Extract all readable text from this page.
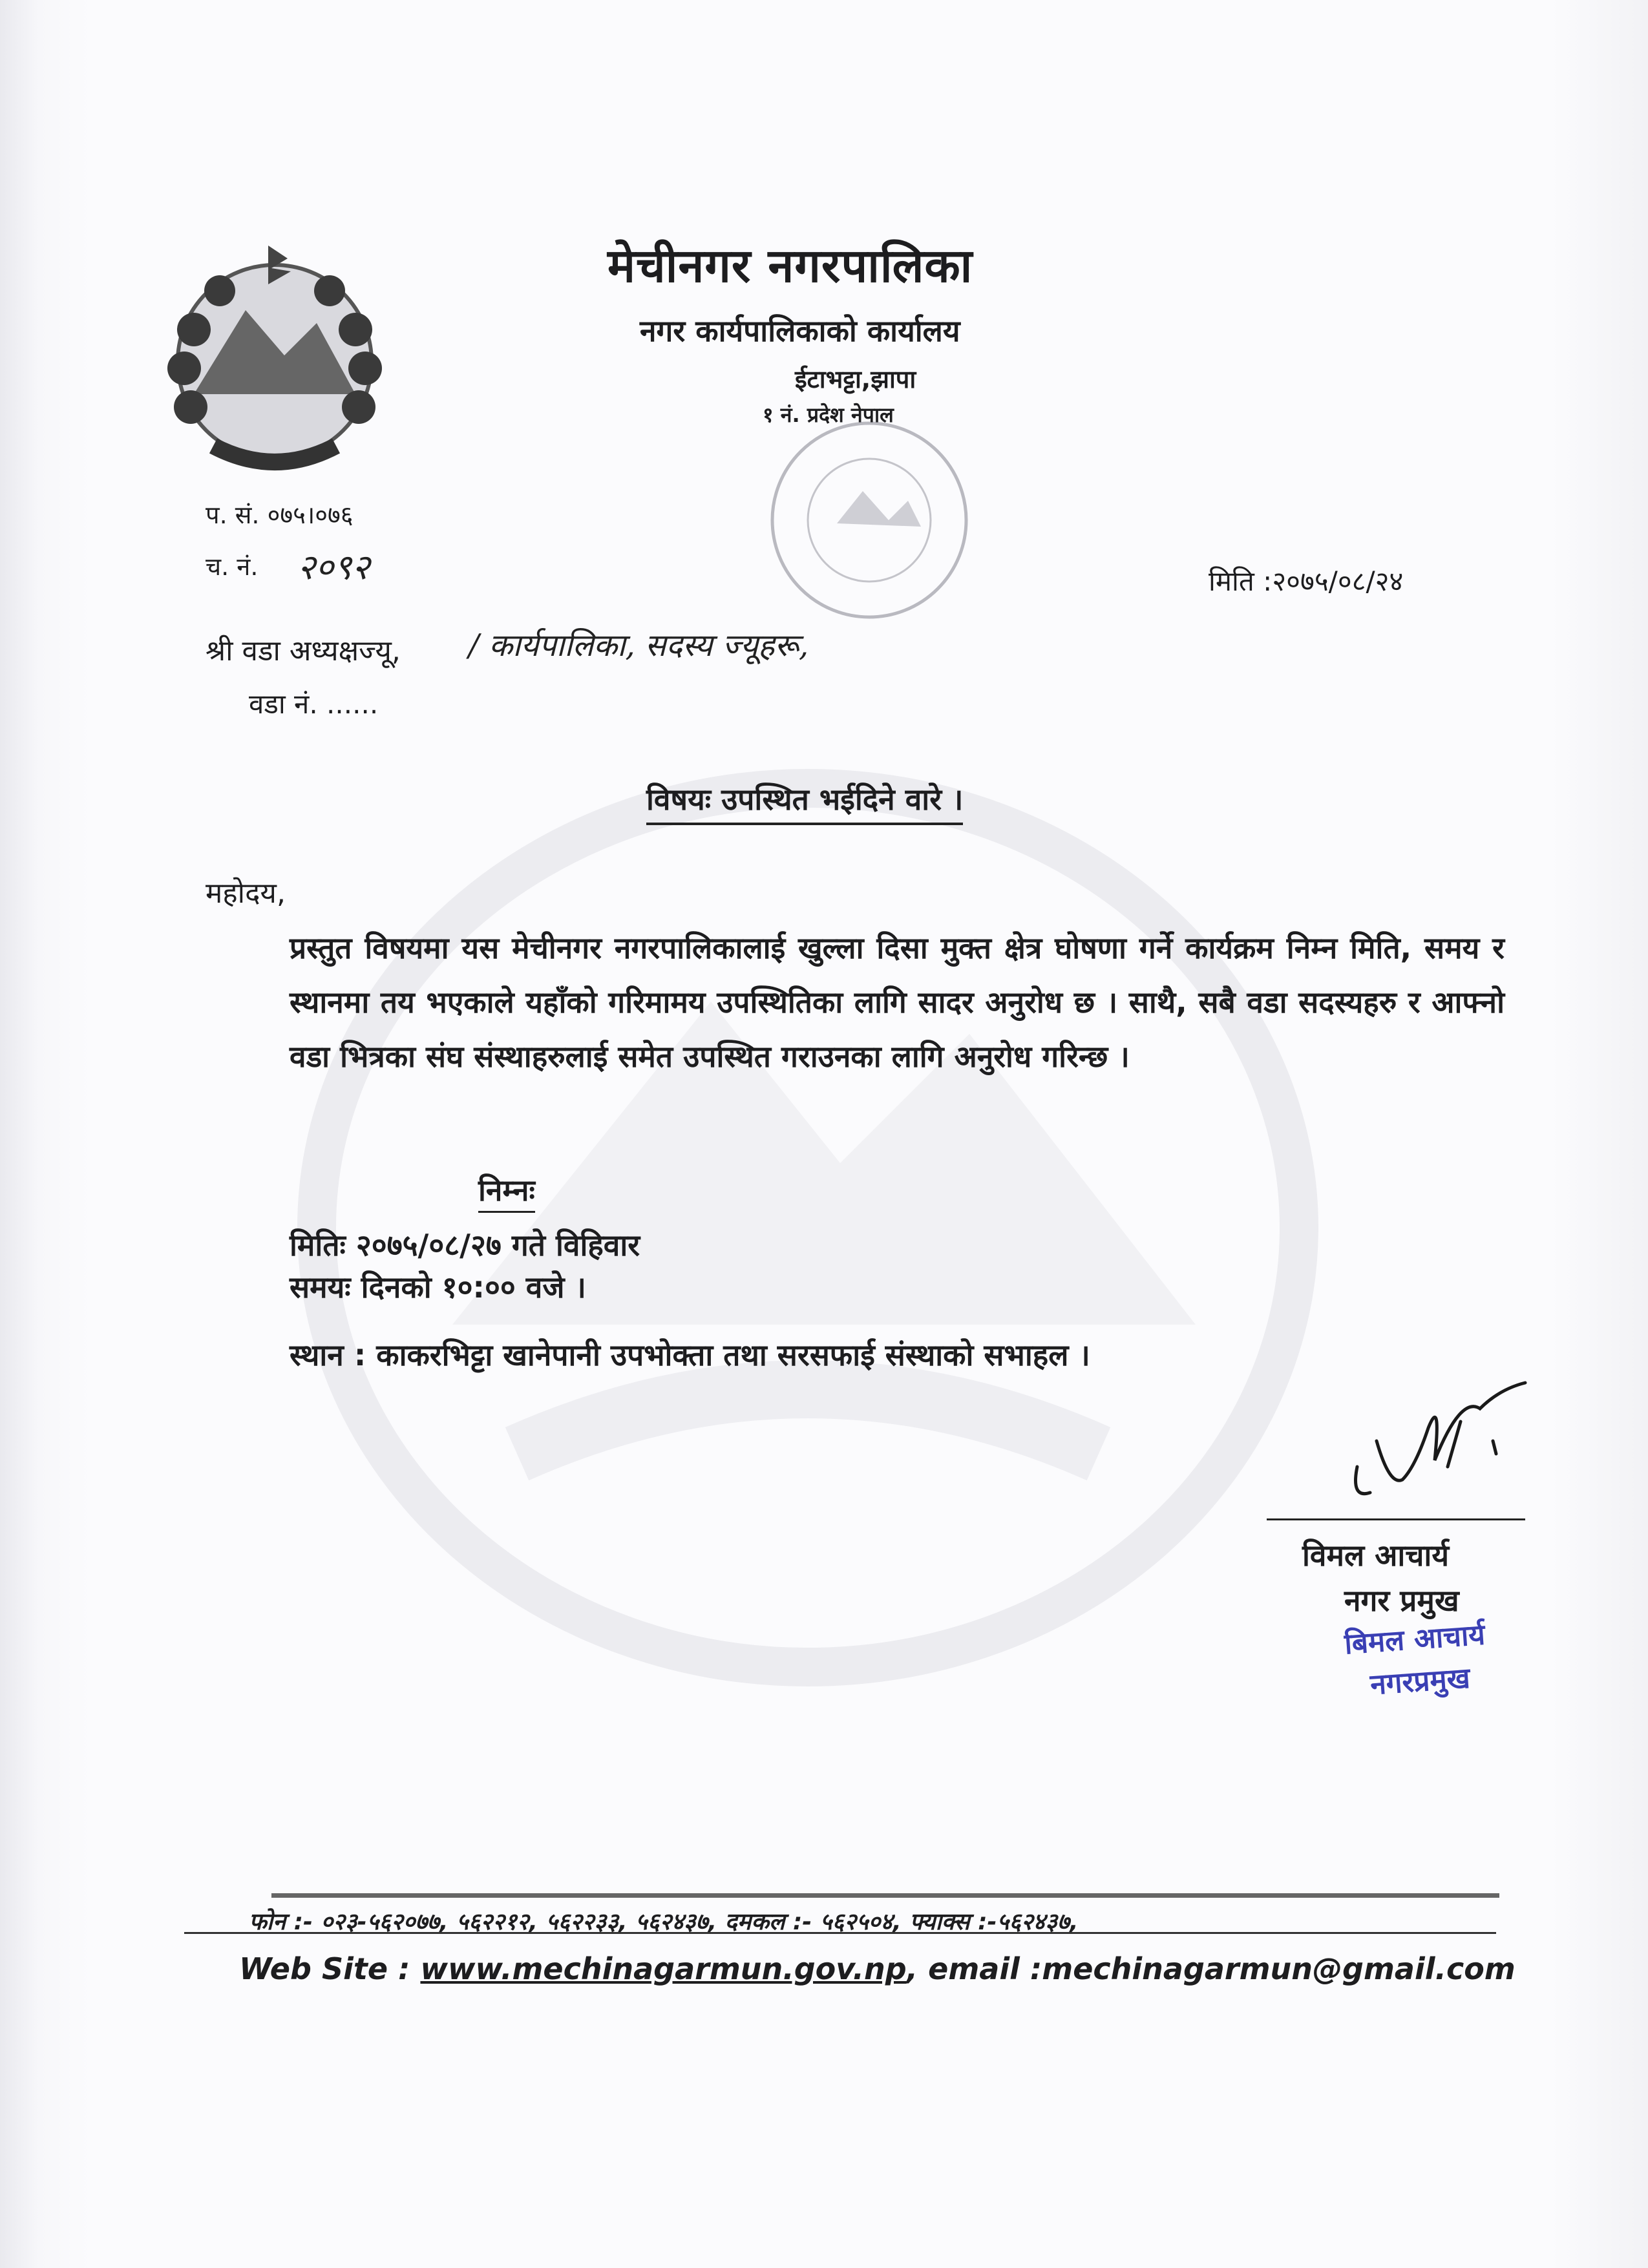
मेचीनगर नगरपालिका
नगर कार्यपालिकाको कार्यालय
ईटाभट्टा,झापा
१ नं. प्रदेश नेपाल
प. सं. ०७५।०७६
च. नं. २०९२	मिति :२०७५/०८/२४
श्री वडा अध्यक्षज्यू, / कार्यपालिका, सदस्य ज्यूहरू,
वडा नं. ......
विषयः उपस्थित भईदिने वारे ।
महोदय,
प्रस्तुत विषयमा यस मेचीनगर नगरपालिकालाई खुल्ला दिसा मुक्त क्षेत्र घोषणा गर्ने कार्यक्रम निम्न मिति, समय र स्थानमा तय भएकाले यहाँको गरिमामय उपस्थितिका लागि सादर अनुरोध छ । साथै, सबै वडा सदस्यहरु र आफ्नो वडा भित्रका संघ संस्थाहरुलाई समेत उपस्थित गराउनका लागि अनुरोध गरिन्छ ।
निम्नः
मितिः २०७५/०८/२७ गते विहिवार
समयः दिनको १०:०० वजे ।
स्थान : काकरभिट्टा खानेपानी उपभोक्ता तथा सरसफाई संस्थाको सभाहल ।
विमल आचार्य
नगर प्रमुख
बिमल आचार्य
नगरप्रमुख
फोन :- ०२३-५६२०७७, ५६२२१२, ५६२२३३, ५६२४३७, दमकल :- ५६२५०४, फ्याक्स :-५६२४३७,
Web Site : www.mechinagarmun.gov.np, email :mechinagarmun@gmail.com
